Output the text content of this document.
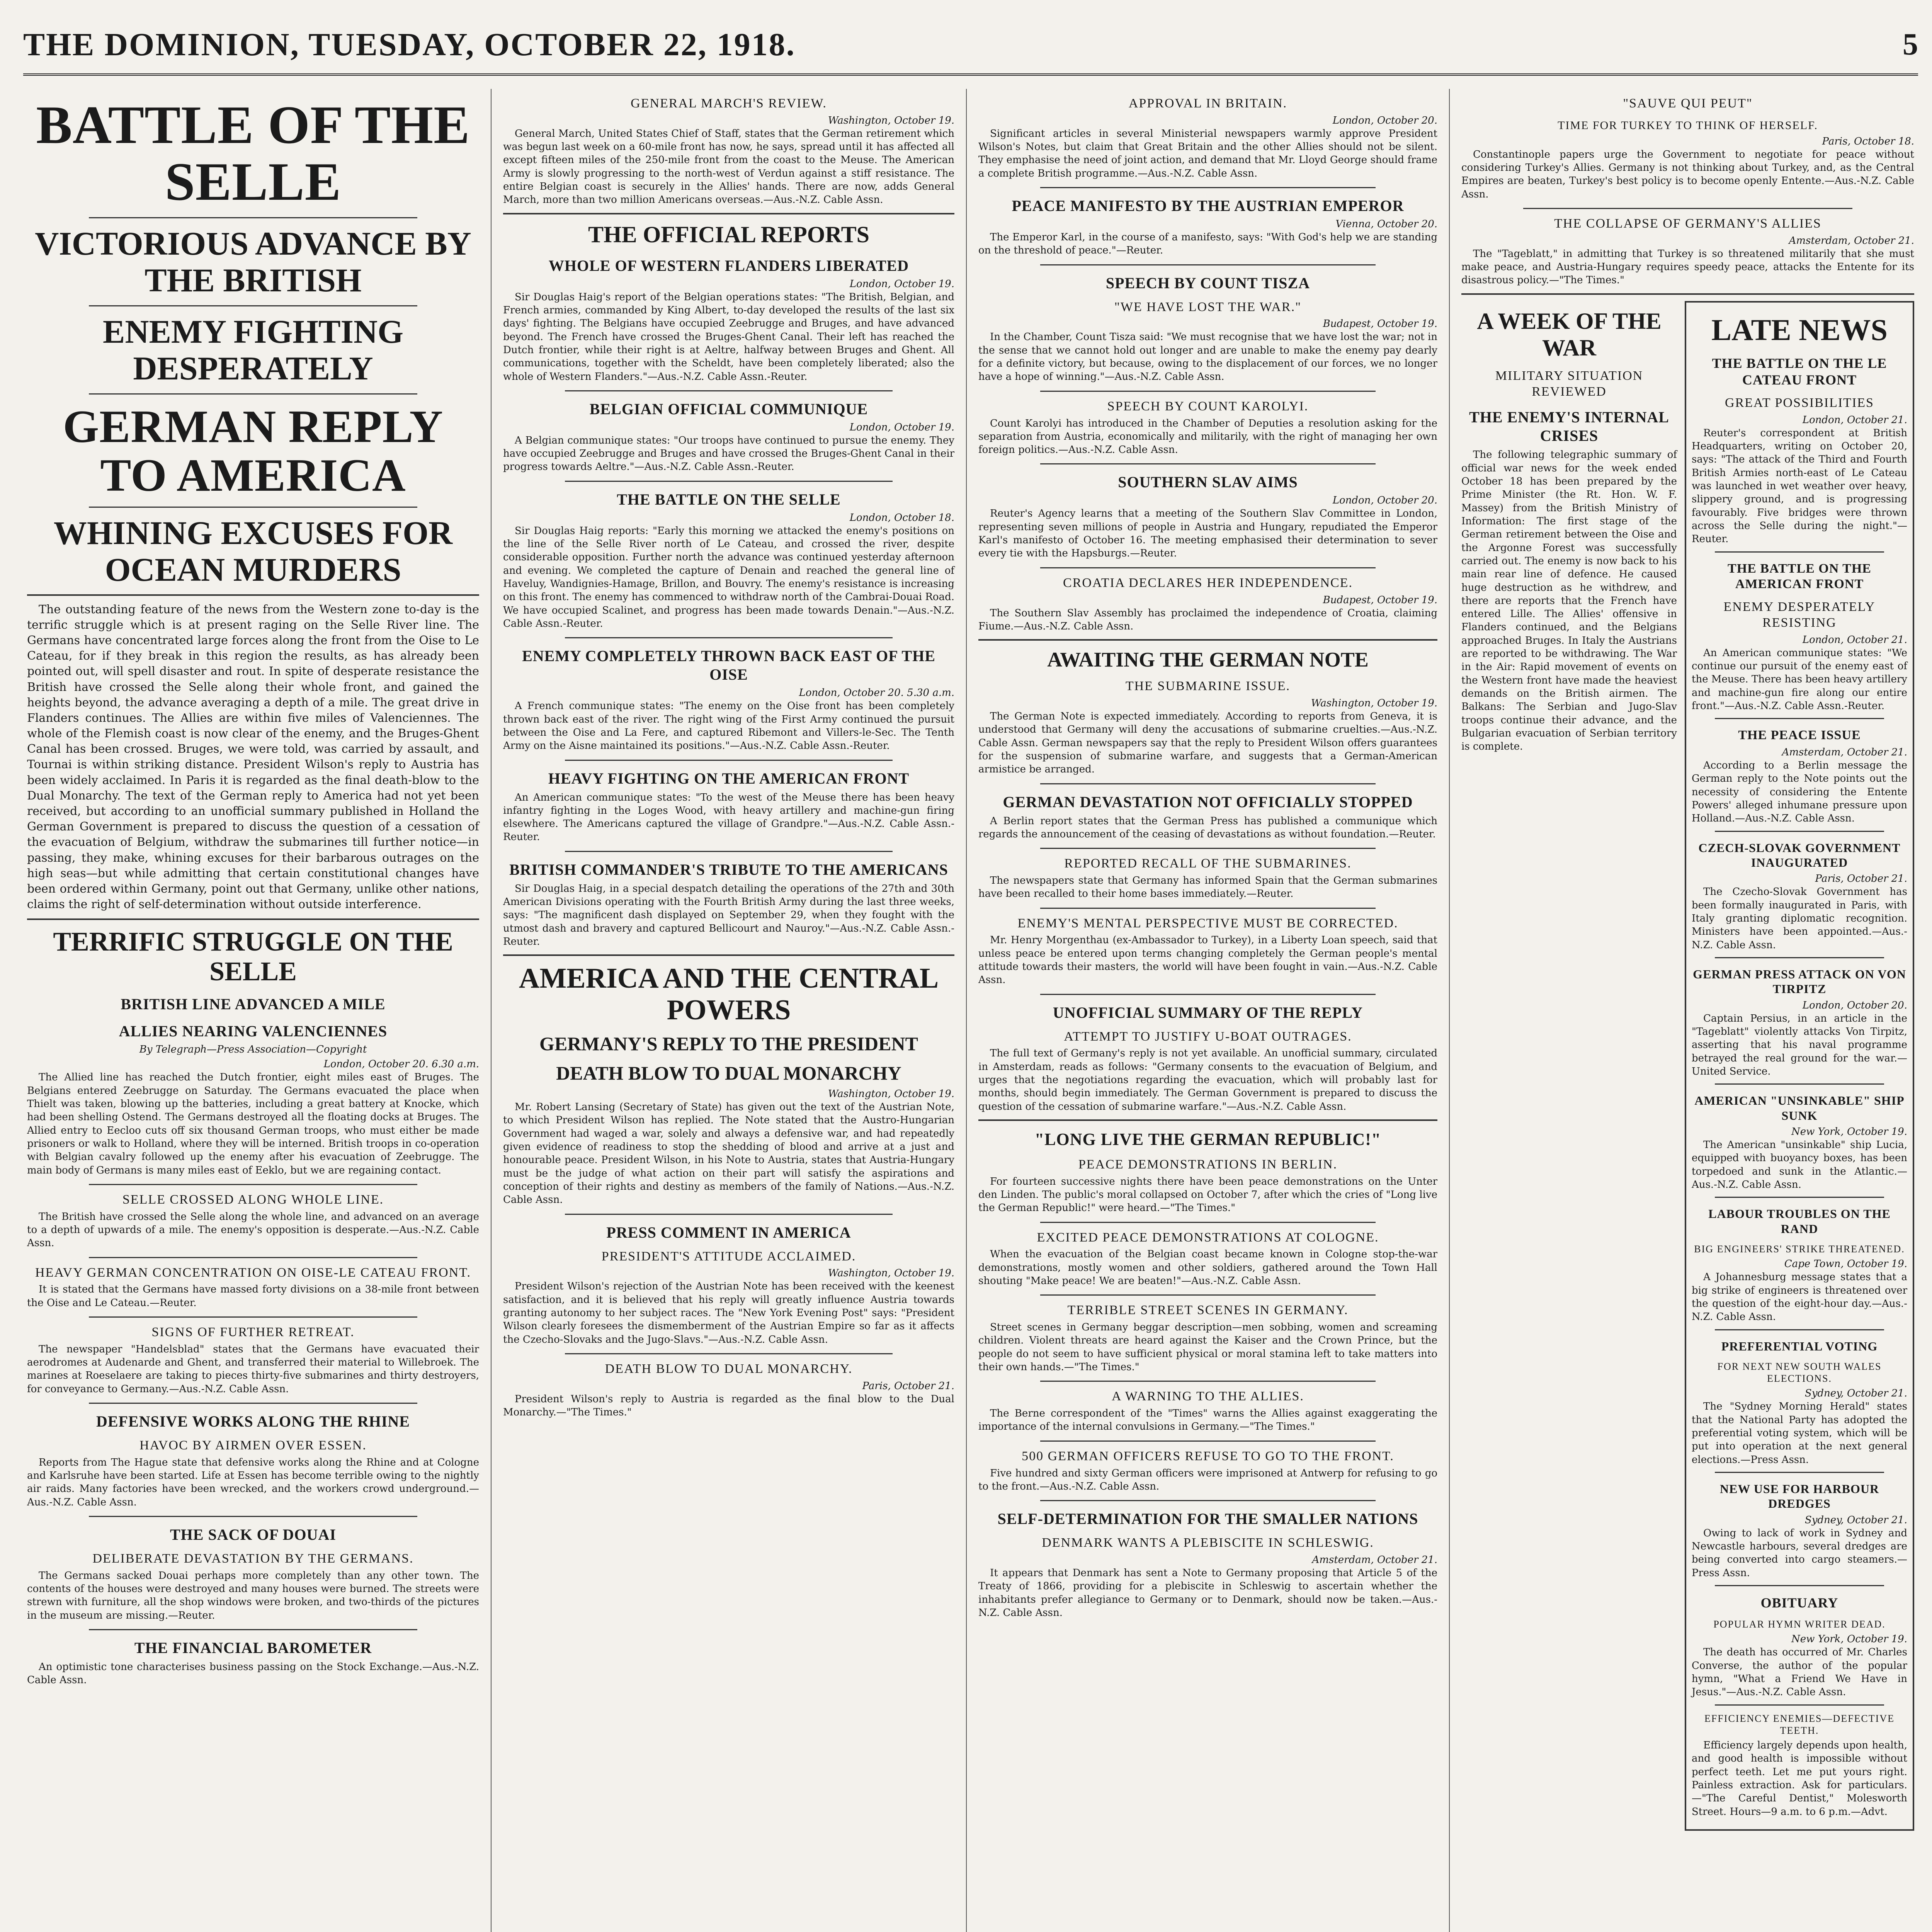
THE DOMINION, TUESDAY, OCTOBER 22, 1918.	5
BATTLE OF THE SELLE
VICTORIOUS ADVANCE BY THE BRITISH
ENEMY FIGHTING DESPERATELY
GERMAN REPLY TO AMERICA
WHINING EXCUSES FOR OCEAN MURDERS

The outstanding feature of the news from the Western zone to-day is the terrific struggle which is at present raging on the Selle River line. The Germans have concentrated large forces along the front from the Oise to Le Cateau, for if they break in this region the results, as has already been pointed out, will spell disaster and rout. In spite of desperate resistance the British have crossed the Selle along their whole front, and gained the heights beyond, the advance averaging a depth of a mile. The great drive in Flanders continues. The Allies are within five miles of Valenciennes. The whole of the Flemish coast is now clear of the enemy, and the Bruges-Ghent Canal has been crossed. Bruges, we were told, was carried by assault, and Tournai is within striking distance. President Wilson's reply to Austria has been widely acclaimed. In Paris it is regarded as the final death-blow to the Dual Monarchy. The text of the German reply to America had not yet been received, but according to an unofficial summary published in Holland the German Government is prepared to discuss the question of a cessation of the evacuation of Belgium, withdraw the submarines till further notice—in passing, they make, whining excuses for their barbarous outrages on the high seas—but while admitting that certain constitutional changes have been ordered within Germany, point out that Germany, unlike other nations, claims the right of self-determination without outside interference.

TERRIFIC STRUGGLE ON THE SELLE
BRITISH LINE ADVANCED A MILE
ALLIES NEARING VALENCIENNES
By Telegraph—Press Association—Copyright
London, October 20. 6.30 a.m.

The Allied line has reached the Dutch frontier, eight miles east of Bruges. The Belgians entered Zeebrugge on Saturday. The Germans evacuated the place when Thielt was taken, blowing up the batteries, including a great battery at Knocke, which had been shelling Ostend. The Germans destroyed all the floating docks at Bruges. The Allied entry to Eecloo cuts off six thousand German troops, who must either be made prisoners or walk to Holland, where they will be interned. British troops in co-operation with Belgian cavalry followed up the enemy after his evacuation of Zeebrugge. The main body of Germans is many miles east of Eeklo, but we are regaining contact.

SELLE CROSSED ALONG WHOLE LINE.

The British have crossed the Selle along the whole line, and advanced on an average to a depth of upwards of a mile. The enemy's opposition is desperate.—Aus.-N.Z. Cable Assn.

HEAVY GERMAN CONCENTRATION ON OISE-LE CATEAU FRONT.

It is stated that the Germans have massed forty divisions on a 38-mile front between the Oise and Le Cateau.—Reuter.

SIGNS OF FURTHER RETREAT.

The newspaper "Handelsblad" states that the Germans have evacuated their aerodromes at Audenarde and Ghent, and transferred their material to Willebroek. The marines at Roeselaere are taking to pieces thirty-five submarines and thirty destroyers, for conveyance to Germany.—Aus.-N.Z. Cable Assn.

DEFENSIVE WORKS ALONG THE RHINE
HAVOC BY AIRMEN OVER ESSEN.

Reports from The Hague state that defensive works along the Rhine and at Cologne and Karlsruhe have been started. Life at Essen has become terrible owing to the nightly air raids. Many factories have been wrecked, and the workers crowd underground.—Aus.-N.Z. Cable Assn.

THE SACK OF DOUAI
DELIBERATE DEVASTATION BY THE GERMANS.

The Germans sacked Douai perhaps more completely than any other town. The contents of the houses were destroyed and many houses were burned. The streets were strewn with furniture, all the shop windows were broken, and two-thirds of the pictures in the museum are missing.—Reuter.

THE FINANCIAL BAROMETER

An optimistic tone characterises business passing on the Stock Exchange.—Aus.-N.Z. Cable Assn.

GENERAL MARCH'S REVIEW.
Washington, October 19.

General March, United States Chief of Staff, states that the German retirement which was begun last week on a 60-mile front has now, he says, spread until it has affected all except fifteen miles of the 250-mile front from the coast to the Meuse. The American Army is slowly progressing to the north-west of Verdun against a stiff resistance. The entire Belgian coast is securely in the Allies' hands. There are now, adds General March, more than two million Americans overseas.—Aus.-N.Z. Cable Assn.

THE OFFICIAL REPORTS
WHOLE OF WESTERN FLANDERS LIBERATED
London, October 19.

Sir Douglas Haig's report of the Belgian operations states: "The British, Belgian, and French armies, commanded by King Albert, to-day developed the results of the last six days' fighting. The Belgians have occupied Zeebrugge and Bruges, and have advanced beyond. The French have crossed the Bruges-Ghent Canal. Their left has reached the Dutch frontier, while their right is at Aeltre, halfway between Bruges and Ghent. All communications, together with the Scheldt, have been completely liberated; also the whole of Western Flanders."—Aus.-N.Z. Cable Assn.-Reuter.

BELGIAN OFFICIAL COMMUNIQUE
London, October 19.

A Belgian communique states: "Our troops have continued to pursue the enemy. They have occupied Zeebrugge and Bruges and have crossed the Bruges-Ghent Canal in their progress towards Aeltre."—Aus.-N.Z. Cable Assn.-Reuter.

THE BATTLE ON THE SELLE
London, October 18.

Sir Douglas Haig reports: "Early this morning we attacked the enemy's positions on the line of the Selle River north of Le Cateau, and crossed the river, despite considerable opposition. Further north the advance was continued yesterday afternoon and evening. We completed the capture of Denain and reached the general line of Haveluy, Wandignies-Hamage, Brillon, and Bouvry. The enemy's resistance is increasing on this front. The enemy has commenced to withdraw north of the Cambrai-Douai Road. We have occupied Scalinet, and progress has been made towards Denain."—Aus.-N.Z. Cable Assn.-Reuter.

ENEMY COMPLETELY THROWN BACK EAST OF THE OISE
London, October 20. 5.30 a.m.

A French communique states: "The enemy on the Oise front has been completely thrown back east of the river. The right wing of the First Army continued the pursuit between the Oise and La Fere, and captured Ribemont and Villers-le-Sec. The Tenth Army on the Aisne maintained its positions."—Aus.-N.Z. Cable Assn.-Reuter.

HEAVY FIGHTING ON THE AMERICAN FRONT

An American communique states: "To the west of the Meuse there has been heavy infantry fighting in the Loges Wood, with heavy artillery and machine-gun firing elsewhere. The Americans captured the village of Grandpre."—Aus.-N.Z. Cable Assn.-Reuter.

BRITISH COMMANDER'S TRIBUTE TO THE AMERICANS

Sir Douglas Haig, in a special despatch detailing the operations of the 27th and 30th American Divisions operating with the Fourth British Army during the last three weeks, says: "The magnificent dash displayed on September 29, when they fought with the utmost dash and bravery and captured Bellicourt and Nauroy."—Aus.-N.Z. Cable Assn.-Reuter.

AMERICA AND THE CENTRAL POWERS
GERMANY'S REPLY TO THE PRESIDENT
DEATH BLOW TO DUAL MONARCHY
Washington, October 19.

Mr. Robert Lansing (Secretary of State) has given out the text of the Austrian Note, to which President Wilson has replied. The Note stated that the Austro-Hungarian Government had waged a war, solely and always a defensive war, and had repeatedly given evidence of readiness to stop the shedding of blood and arrive at a just and honourable peace. President Wilson, in his Note to Austria, states that Austria-Hungary must be the judge of what action on their part will satisfy the aspirations and conception of their rights and destiny as members of the family of Nations.—Aus.-N.Z. Cable Assn.

PRESS COMMENT IN AMERICA
PRESIDENT'S ATTITUDE ACCLAIMED.
Washington, October 19.

President Wilson's rejection of the Austrian Note has been received with the keenest satisfaction, and it is believed that his reply will greatly influence Austria towards granting autonomy to her subject races. The "New York Evening Post" says: "President Wilson clearly foresees the dismemberment of the Austrian Empire so far as it affects the Czecho-Slovaks and the Jugo-Slavs."—Aus.-N.Z. Cable Assn.

DEATH BLOW TO DUAL MONARCHY.
Paris, October 21.

President Wilson's reply to Austria is regarded as the final blow to the Dual Monarchy.—"The Times."

APPROVAL IN BRITAIN.
London, October 20.

Significant articles in several Ministerial newspapers warmly approve President Wilson's Notes, but claim that Great Britain and the other Allies should not be silent. They emphasise the need of joint action, and demand that Mr. Lloyd George should frame a complete British programme.—Aus.-N.Z. Cable Assn.

PEACE MANIFESTO BY THE AUSTRIAN EMPEROR
Vienna, October 20.

The Emperor Karl, in the course of a manifesto, says: "With God's help we are standing on the threshold of peace."—Reuter.

SPEECH BY COUNT TISZA
"WE HAVE LOST THE WAR."
Budapest, October 19.

In the Chamber, Count Tisza said: "We must recognise that we have lost the war; not in the sense that we cannot hold out longer and are unable to make the enemy pay dearly for a definite victory, but because, owing to the displacement of our forces, we no longer have a hope of winning."—Aus.-N.Z. Cable Assn.

SPEECH BY COUNT KAROLYI.

Count Karolyi has introduced in the Chamber of Deputies a resolution asking for the separation from Austria, economically and militarily, with the right of managing her own foreign politics.—Aus.-N.Z. Cable Assn.

SOUTHERN SLAV AIMS
London, October 20.

Reuter's Agency learns that a meeting of the Southern Slav Committee in London, representing seven millions of people in Austria and Hungary, repudiated the Emperor Karl's manifesto of October 16. The meeting emphasised their determination to sever every tie with the Hapsburgs.—Reuter.

CROATIA DECLARES HER INDEPENDENCE.
Budapest, October 19.

The Southern Slav Assembly has proclaimed the independence of Croatia, claiming Fiume.—Aus.-N.Z. Cable Assn.

AWAITING THE GERMAN NOTE
THE SUBMARINE ISSUE.
Washington, October 19.

The German Note is expected immediately. According to reports from Geneva, it is understood that Germany will deny the accusations of submarine cruelties.—Aus.-N.Z. Cable Assn. German newspapers say that the reply to President Wilson offers guarantees for the suspension of submarine warfare, and suggests that a German-American armistice be arranged.

GERMAN DEVASTATION NOT OFFICIALLY STOPPED

A Berlin report states that the German Press has published a communique which regards the announcement of the ceasing of devastations as without foundation.—Reuter.

REPORTED RECALL OF THE SUBMARINES.

The newspapers state that Germany has informed Spain that the German submarines have been recalled to their home bases immediately.—Reuter.

ENEMY'S MENTAL PERSPECTIVE MUST BE CORRECTED.

Mr. Henry Morgenthau (ex-Ambassador to Turkey), in a Liberty Loan speech, said that unless peace be entered upon terms changing completely the German people's mental attitude towards their masters, the world will have been fought in vain.—Aus.-N.Z. Cable Assn.

UNOFFICIAL SUMMARY OF THE REPLY
ATTEMPT TO JUSTIFY U-BOAT OUTRAGES.

The full text of Germany's reply is not yet available. An unofficial summary, circulated in Amsterdam, reads as follows: "Germany consents to the evacuation of Belgium, and urges that the negotiations regarding the evacuation, which will probably last for months, should begin immediately. The German Government is prepared to discuss the question of the cessation of submarine warfare."—Aus.-N.Z. Cable Assn.

"LONG LIVE THE GERMAN REPUBLIC!"
PEACE DEMONSTRATIONS IN BERLIN.

For fourteen successive nights there have been peace demonstrations on the Unter den Linden. The public's moral collapsed on October 7, after which the cries of "Long live the German Republic!" were heard.—"The Times."

EXCITED PEACE DEMONSTRATIONS AT COLOGNE.

When the evacuation of the Belgian coast became known in Cologne stop-the-war demonstrations, mostly women and other soldiers, gathered around the Town Hall shouting "Make peace! We are beaten!"—Aus.-N.Z. Cable Assn.

TERRIBLE STREET SCENES IN GERMANY.

Street scenes in Germany beggar description—men sobbing, women and screaming children. Violent threats are heard against the Kaiser and the Crown Prince, but the people do not seem to have sufficient physical or moral stamina left to take matters into their own hands.—"The Times."

A WARNING TO THE ALLIES.

The Berne correspondent of the "Times" warns the Allies against exaggerating the importance of the internal convulsions in Germany.—"The Times."

500 GERMAN OFFICERS REFUSE TO GO TO THE FRONT.

Five hundred and sixty German officers were imprisoned at Antwerp for refusing to go to the front.—Aus.-N.Z. Cable Assn.

SELF-DETERMINATION FOR THE SMALLER NATIONS
DENMARK WANTS A PLEBISCITE IN SCHLESWIG.
Amsterdam, October 21.

It appears that Denmark has sent a Note to Germany proposing that Article 5 of the Treaty of 1866, providing for a plebiscite in Schleswig to ascertain whether the inhabitants prefer allegiance to Germany or to Denmark, should now be taken.—Aus.-N.Z. Cable Assn.

"SAUVE QUI PEUT"
TIME FOR TURKEY TO THINK OF HERSELF.
Paris, October 18.

Constantinople papers urge the Government to negotiate for peace without considering Turkey's Allies. Germany is not thinking about Turkey, and, as the Central Empires are beaten, Turkey's best policy is to become openly Entente.—Aus.-N.Z. Cable Assn.

THE COLLAPSE OF GERMANY'S ALLIES
Amsterdam, October 21.

The "Tageblatt," in admitting that Turkey is so threatened militarily that she must make peace, and Austria-Hungary requires speedy peace, attacks the Entente for its disastrous policy.—"The Times."

A WEEK OF THE WAR
MILITARY SITUATION REVIEWED
THE ENEMY'S INTERNAL CRISES

The following telegraphic summary of official war news for the week ended October 18 has been prepared by the Prime Minister (the Rt. Hon. W. F. Massey) from the British Ministry of Information: The first stage of the German retirement between the Oise and the Argonne Forest was successfully carried out. The enemy is now back to his main rear line of defence. He caused huge destruction as he withdrew, and there are reports that the French have entered Lille. The Allies' offensive in Flanders continued, and the Belgians approached Bruges. In Italy the Austrians are reported to be withdrawing. The War in the Air: Rapid movement of events on the Western front have made the heaviest demands on the British airmen. The Balkans: The Serbian and Jugo-Slav troops continue their advance, and the Bulgarian evacuation of Serbian territory is complete.

LATE NEWS
THE BATTLE ON THE LE CATEAU FRONT
GREAT POSSIBILITIES
London, October 21.

Reuter's correspondent at British Headquarters, writing on October 20, says: "The attack of the Third and Fourth British Armies north-east of Le Cateau was launched in wet weather over heavy, slippery ground, and is progressing favourably. Five bridges were thrown across the Selle during the night."—Reuter.

THE BATTLE ON THE AMERICAN FRONT
ENEMY DESPERATELY RESISTING
London, October 21.

An American communique states: "We continue our pursuit of the enemy east of the Meuse. There has been heavy artillery and machine-gun fire along our entire front."—Aus.-N.Z. Cable Assn.-Reuter.

THE PEACE ISSUE
Amsterdam, October 21.

According to a Berlin message the German reply to the Note points out the necessity of considering the Entente Powers' alleged inhumane pressure upon Holland.—Aus.-N.Z. Cable Assn.

CZECH-SLOVAK GOVERNMENT INAUGURATED
Paris, October 21.

The Czecho-Slovak Government has been formally inaugurated in Paris, with Italy granting diplomatic recognition. Ministers have been appointed.—Aus.-N.Z. Cable Assn.

GERMAN PRESS ATTACK ON VON TIRPITZ
London, October 20.

Captain Persius, in an article in the "Tageblatt" violently attacks Von Tirpitz, asserting that his naval programme betrayed the real ground for the war.—United Service.

AMERICAN "UNSINKABLE" SHIP SUNK
New York, October 19.

The American "unsinkable" ship Lucia, equipped with buoyancy boxes, has been torpedoed and sunk in the Atlantic.—Aus.-N.Z. Cable Assn.

LABOUR TROUBLES ON THE RAND
BIG ENGINEERS' STRIKE THREATENED.
Cape Town, October 19.

A Johannesburg message states that a big strike of engineers is threatened over the question of the eight-hour day.—Aus.-N.Z. Cable Assn.

PREFERENTIAL VOTING
FOR NEXT NEW SOUTH WALES ELECTIONS.
Sydney, October 21.

The "Sydney Morning Herald" states that the National Party has adopted the preferential voting system, which will be put into operation at the next general elections.—Press Assn.

NEW USE FOR HARBOUR DREDGES
Sydney, October 21.

Owing to lack of work in Sydney and Newcastle harbours, several dredges are being converted into cargo steamers.—Press Assn.

OBITUARY
POPULAR HYMN WRITER DEAD.
New York, October 19.

The death has occurred of Mr. Charles Converse, the author of the popular hymn, "What a Friend We Have in Jesus."—Aus.-N.Z. Cable Assn.

EFFICIENCY ENEMIES—DEFECTIVE TEETH.

Efficiency largely depends upon health, and good health is impossible without perfect teeth. Let me put yours right. Painless extraction. Ask for particulars.—"The Careful Dentist," Molesworth Street. Hours—9 a.m. to 6 p.m.—Advt.
